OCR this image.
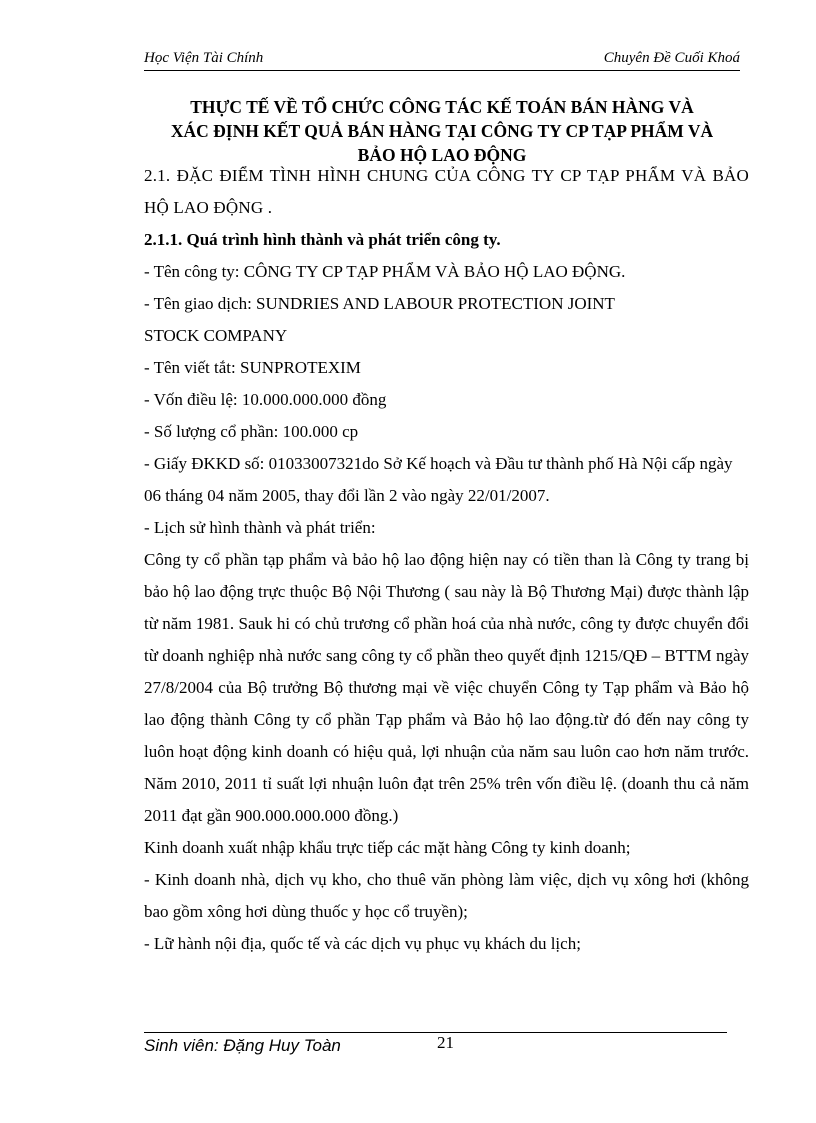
Học Viện Tài Chính	Chuyên Đề Cuối Khoá
THỰC TẾ VỀ TỔ CHỨC CÔNG TÁC KẾ TOÁN BÁN HÀNG VÀ
XÁC ĐỊNH KẾT QUẢ BÁN HÀNG TẠI CÔNG TY CP TẠP PHẨM VÀ
BẢO HỘ LAO ĐỘNG

2.1. ĐẶC ĐIỂM TÌNH HÌNH CHUNG CỦA CÔNG TY CP TẠP PHẨM VÀ BẢO HỘ LAO ĐỘNG .

2.1.1. Quá trình hình thành và phát triển công ty.

- Tên công ty: CÔNG TY CP TẠP PHẨM VÀ BẢO HỘ LAO ĐỘNG.

- Tên giao dịch: SUNDRIES AND LABOUR PROTECTION JOINT STOCK COMPANY

- Tên viết tắt: SUNPROTEXIM

- Vốn điều lệ: 10.000.000.000 đồng

- Số lượng cổ phần: 100.000 cp

- Giấy ĐKKD số: 01033007321do Sở Kế hoạch và Đầu tư thành phố Hà Nội cấp ngày 06 tháng 04 năm 2005, thay đổi lần 2 vào ngày 22/01/2007.

- Lịch sử hình thành và phát triển:

Công ty cổ phần tạp phẩm và bảo hộ lao động hiện nay có tiền than là Công ty trang bị bảo hộ lao động trực thuộc Bộ Nội Thương ( sau này là Bộ Thương Mại) được thành lập từ năm 1981. Sauk hi có chủ trương cổ phần hoá của nhà nước, công ty được chuyển đổi từ doanh nghiệp nhà nước sang công ty cổ phần theo quyết định 1215/QĐ – BTTM ngày 27/8/2004 của Bộ trưởng Bộ thương mại về việc chuyển Công ty Tạp phẩm và Bảo hộ lao động thành Công ty cổ phần Tạp phẩm và Bảo hộ lao động.từ đó đến nay công ty luôn hoạt động kinh doanh có hiệu quả, lợi nhuận của năm sau luôn cao hơn năm trước. Năm 2010, 2011 tỉ suất lợi nhuận luôn đạt trên 25% trên vốn điều lệ. (doanh thu cả năm 2011 đạt gần 900.000.000.000 đồng.)

Kinh doanh xuất nhập khẩu trực tiếp các mặt hàng Công ty kinh doanh;

- Kinh doanh nhà, dịch vụ kho, cho thuê văn phòng làm việc, dịch vụ xông hơi (không bao gồm xông hơi dùng thuốc y học cổ truyền);

- Lữ hành nội địa, quốc tế và các dịch vụ phục vụ khách du lịch;

Sinh viên: Đặng Huy Toàn	21
